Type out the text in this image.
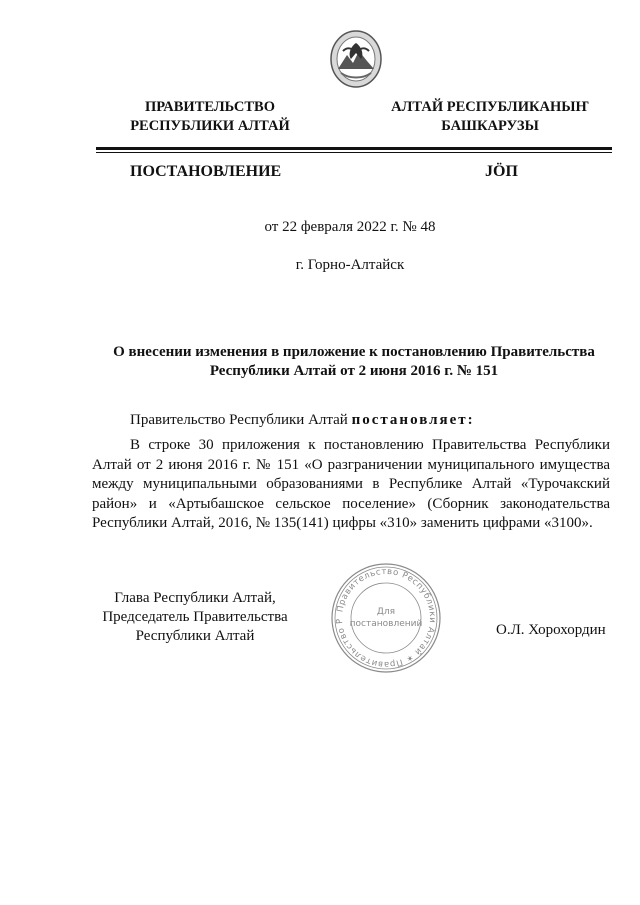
ПРАВИТЕЛЬСТВО
РЕСПУБЛИКИ АЛТАЙ
АЛТАЙ РЕСПУБЛИКАНЫҤ
БАШКАРУЗЫ
ПОСТАНОВЛЕНИЕ	JÖП
от 22 февраля 2022 г. № 48
г. Горно-Алтайск
О внесении изменения в приложение к постановлению Правительства
Республики Алтай от 2 июня 2016 г. № 151
Правительство Республики Алтай постановляет:
В строке 30 приложения к постановлению Правительства Республики Алтай от 2 июня 2016 г. № 151 «О разграничении муниципального имущества между муниципальными образованиями в Республике Алтай «Турочакский район» и «Артыбашское сельское поселение» (Сборник законодательства Республики Алтай, 2016, № 135(141) цифры «310» заменить цифрами «3100».
Правительство Республики Алтай ✶ Правительство Р
Для
постановлений
Глава Республики Алтай,
Председатель Правительства
Республики Алтай	О.Л. Хорохордин
